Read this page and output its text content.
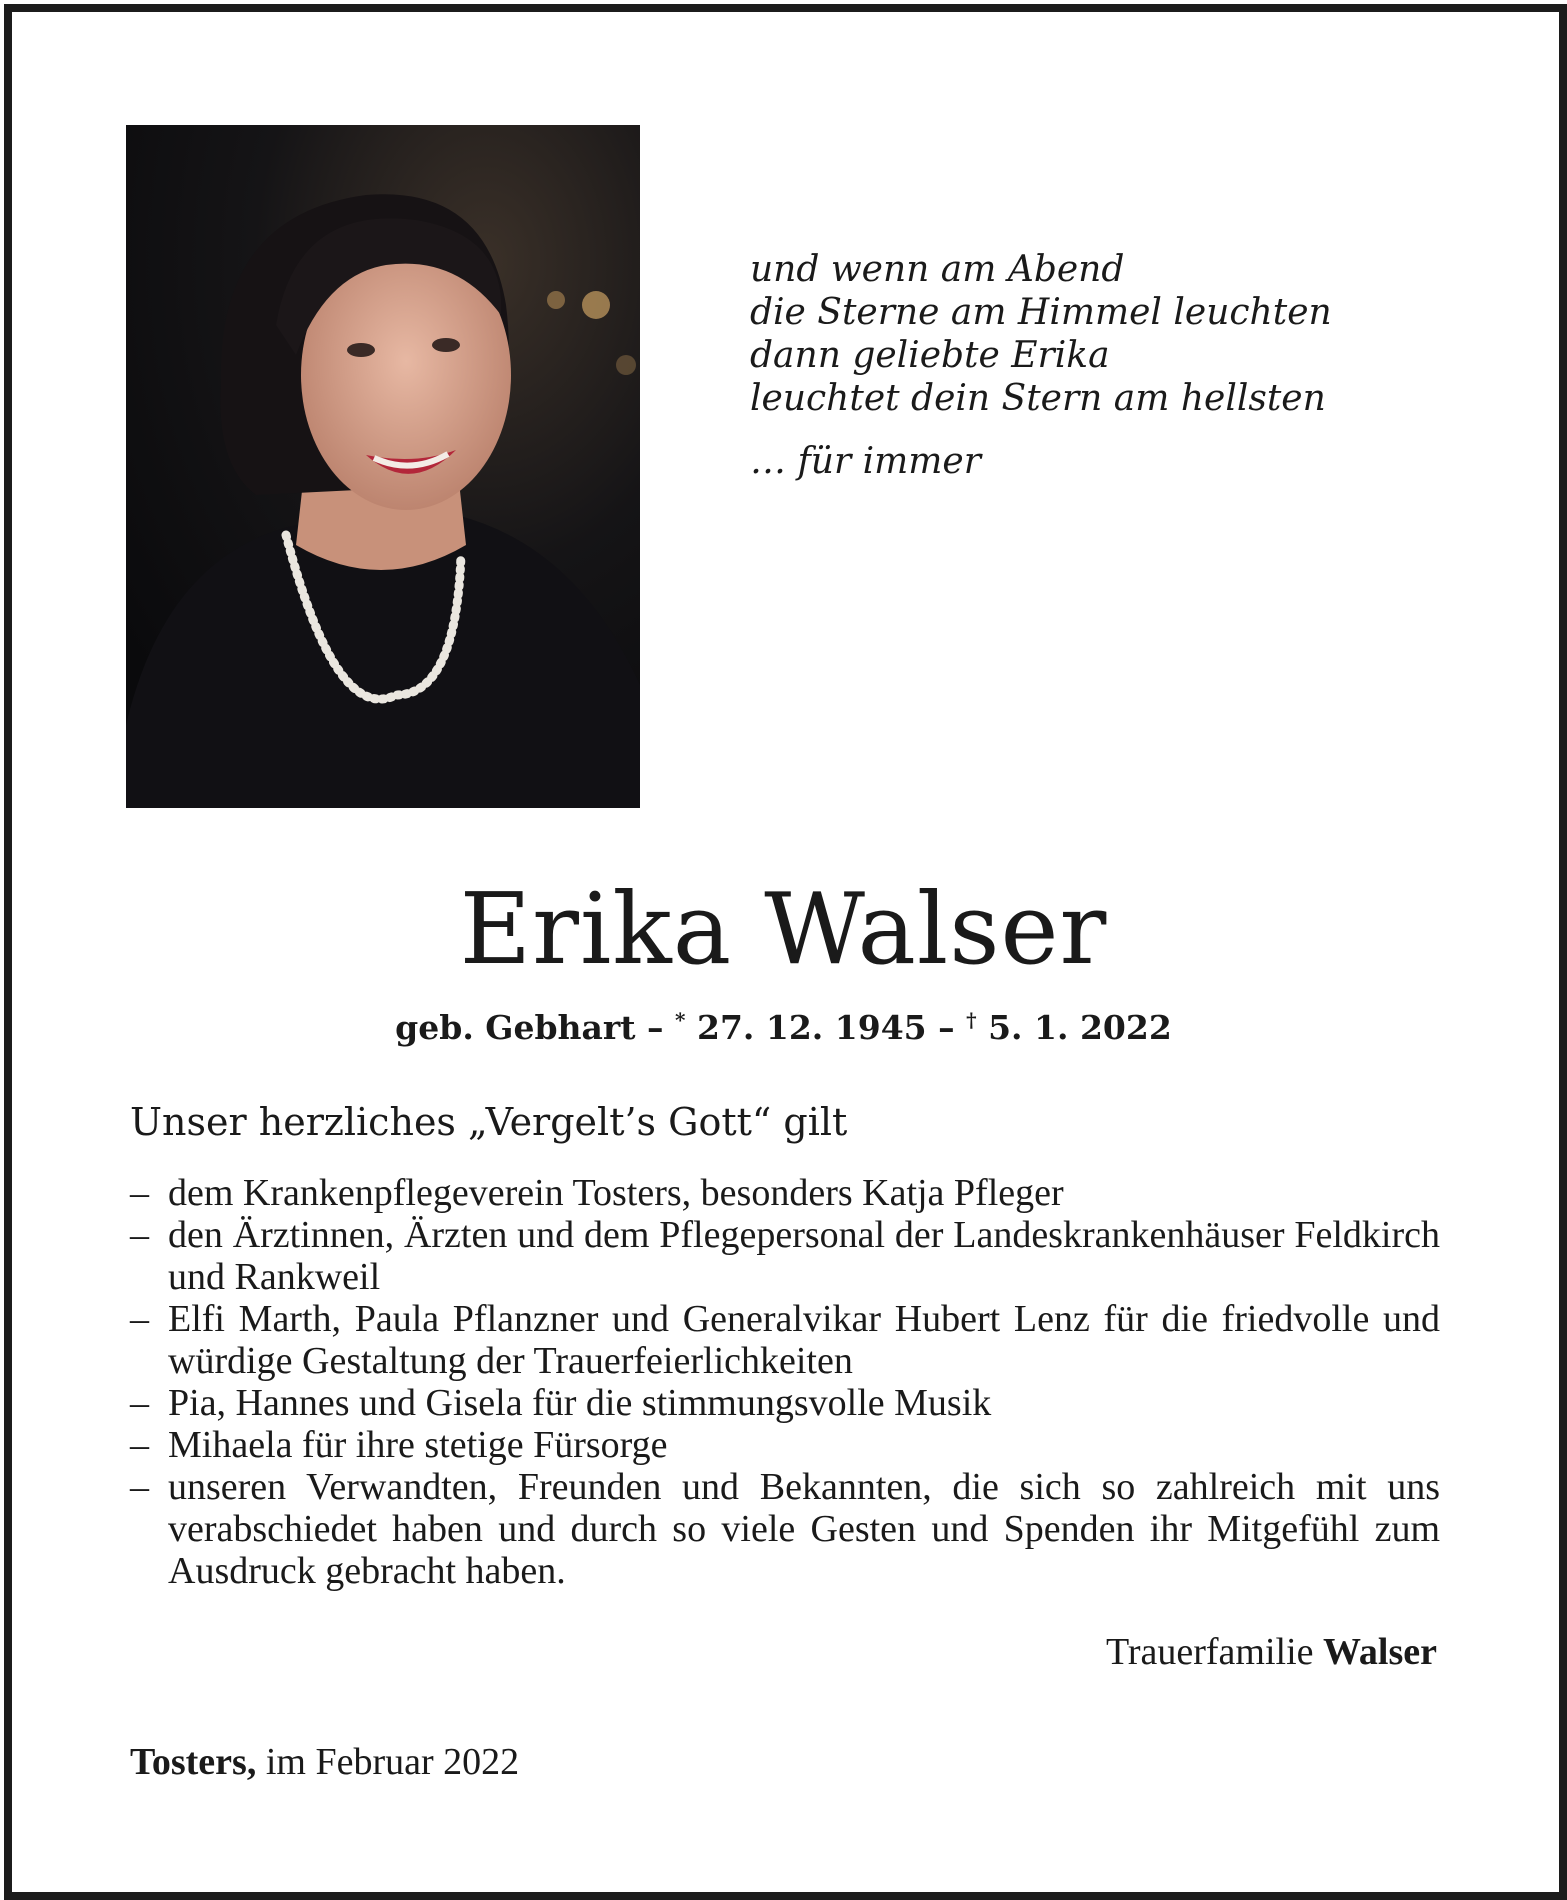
und wenn am Abend
die Sterne am Himmel leuchten
dann geliebte Erika
leuchtet dein Stern am hellsten
… für immer
Erika Walser
geb. Gebhart – * 27. 12. 1945 – † 5. 1. 2022
Unser herzliches „Vergelt’s Gott“ gilt
– dem Krankenpflegeverein Tosters, besonders Katja Pfleger
– den Ärztinnen, Ärzten und dem Pflegepersonal der Landeskrankenhäuser Feldkirch und Rankweil
– Elfi Marth, Paula Pflanzner und Generalvikar Hubert Lenz für die friedvolle und würdige Gestaltung der Trauerfeierlichkeiten
– Pia, Hannes und Gisela für die stimmungsvolle Musik
– Mihaela für ihre stetige Fürsorge
– unseren Verwandten, Freunden und Bekannten, die sich so zahlreich mit uns verabschiedet haben und durch so viele Gesten und Spenden ihr Mitgefühl zum Ausdruck gebracht haben.
Trauerfamilie Walser
Tosters, im Februar 2022
